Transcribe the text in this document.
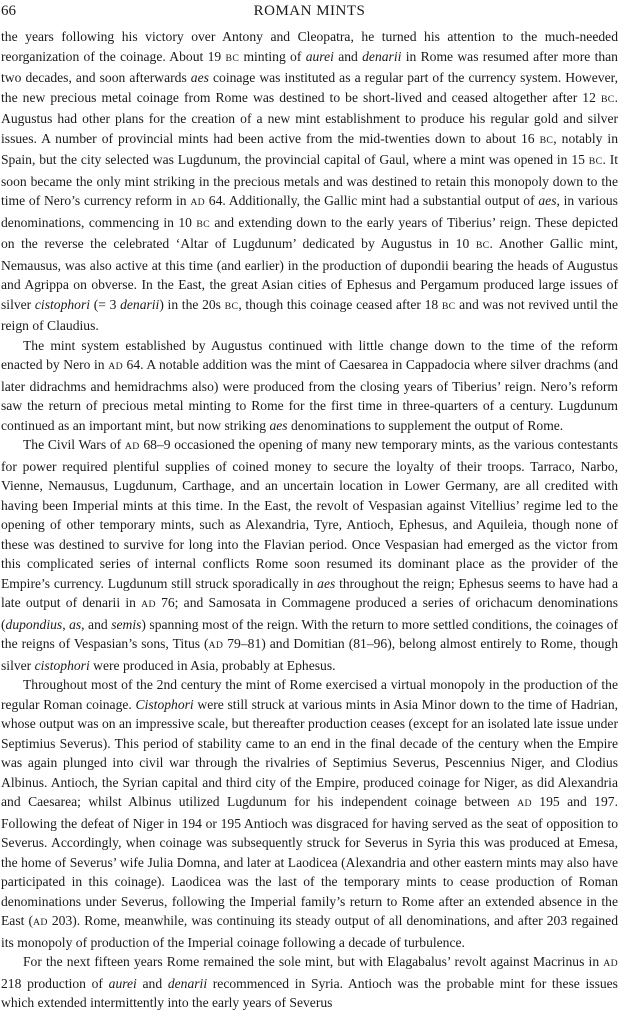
66	ROMAN MINTS

the years following his victory over Antony and Cleopatra, he turned his attention to the much-needed reorganization of the coinage. About 19 BC minting of aurei and denarii in Rome was resumed after more than two decades, and soon afterwards aes coinage was instituted as a regular part of the currency system. However, the new precious metal coinage from Rome was destined to be short-lived and ceased altogether after 12 BC. Augustus had other plans for the creation of a new mint establishment to produce his regular gold and silver issues. A number of provincial mints had been active from the mid-twenties down to about 16 BC, notably in Spain, but the city selected was Lugdunum, the provincial capital of Gaul, where a mint was opened in 15 BC. It soon became the only mint striking in the precious metals and was destined to retain this monopoly down to the time of Nero’s currency reform in AD 64. Additionally, the Gallic mint had a substantial output of aes, in various denominations, commencing in 10 BC and extending down to the early years of Tiberius’ reign. These depicted on the reverse the celebrated ‘Altar of Lugdunum’ dedicated by Augustus in 10 BC. Another Gallic mint, Nemausus, was also active at this time (and earlier) in the production of dupondii bearing the heads of Augustus and Agrippa on obverse. In the East, the great Asian cities of Ephesus and Pergamum produced large issues of silver cistophori (= 3 denarii) in the 20s BC, though this coinage ceased after 18 BC and was not revived until the reign of Claudius.

The mint system established by Augustus continued with little change down to the time of the reform enacted by Nero in AD 64. A notable addition was the mint of Caesarea in Cappadocia where silver drachms (and later didrachms and hemidrachms also) were produced from the closing years of Tiberius’ reign. Nero’s reform saw the return of precious metal minting to Rome for the first time in three-quarters of a century. Lugdunum continued as an important mint, but now striking aes denominations to supplement the output of Rome.

The Civil Wars of AD 68–9 occasioned the opening of many new temporary mints, as the various contestants for power required plentiful supplies of coined money to secure the loyalty of their troops. Tarraco, Narbo, Vienne, Nemausus, Lugdunum, Carthage, and an uncertain location in Lower Germany, are all credited with having been Imperial mints at this time. In the East, the revolt of Vespasian against Vitellius’ regime led to the opening of other temporary mints, such as Alexandria, Tyre, Antioch, Ephesus, and Aquileia, though none of these was destined to survive for long into the Flavian period. Once Vespasian had emerged as the victor from this complicated series of internal conflicts Rome soon resumed its dominant place as the provider of the Empire’s currency. Lugdunum still struck sporadically in aes throughout the reign; Ephesus seems to have had a late output of denarii in AD 76; and Samosata in Commagene produced a series of orichacum denominations (dupondius, as, and semis) spanning most of the reign. With the return to more settled conditions, the coinages of the reigns of Vespasian’s sons, Titus (AD 79–81) and Domitian (81–96), belong almost entirely to Rome, though silver cistophori were produced in Asia, probably at Ephesus.

Throughout most of the 2nd century the mint of Rome exercised a virtual monopoly in the production of the regular Roman coinage. Cistophori were still struck at various mints in Asia Minor down to the time of Hadrian, whose output was on an impressive scale, but thereafter production ceases (except for an isolated late issue under Septimius Severus). This period of stability came to an end in the final decade of the century when the Empire was again plunged into civil war through the rivalries of Septimius Severus, Pescennius Niger, and Clodius Albinus. Antioch, the Syrian capital and third city of the Empire, produced coinage for Niger, as did Alexandria and Caesarea; whilst Albinus utilized Lugdunum for his independent coinage between AD 195 and 197. Following the defeat of Niger in 194 or 195 Antioch was disgraced for having served as the seat of opposition to Severus. Accordingly, when coinage was subsequently struck for Severus in Syria this was produced at Emesa, the home of Severus’ wife Julia Domna, and later at Laodicea (Alexandria and other eastern mints may also have participated in this coinage). Laodicea was the last of the temporary mints to cease production of Roman denominations under Severus, following the Imperial family’s return to Rome after an extended absence in the East (AD 203). Rome, meanwhile, was continuing its steady output of all denominations, and after 203 regained its monopoly of production of the Imperial coinage following a decade of turbulence.

For the next fifteen years Rome remained the sole mint, but with Elagabalus’ revolt against Macrinus in AD 218 production of aurei and denarii recommenced in Syria. Antioch was the probable mint for these issues which extended intermittently into the early years of Severus
